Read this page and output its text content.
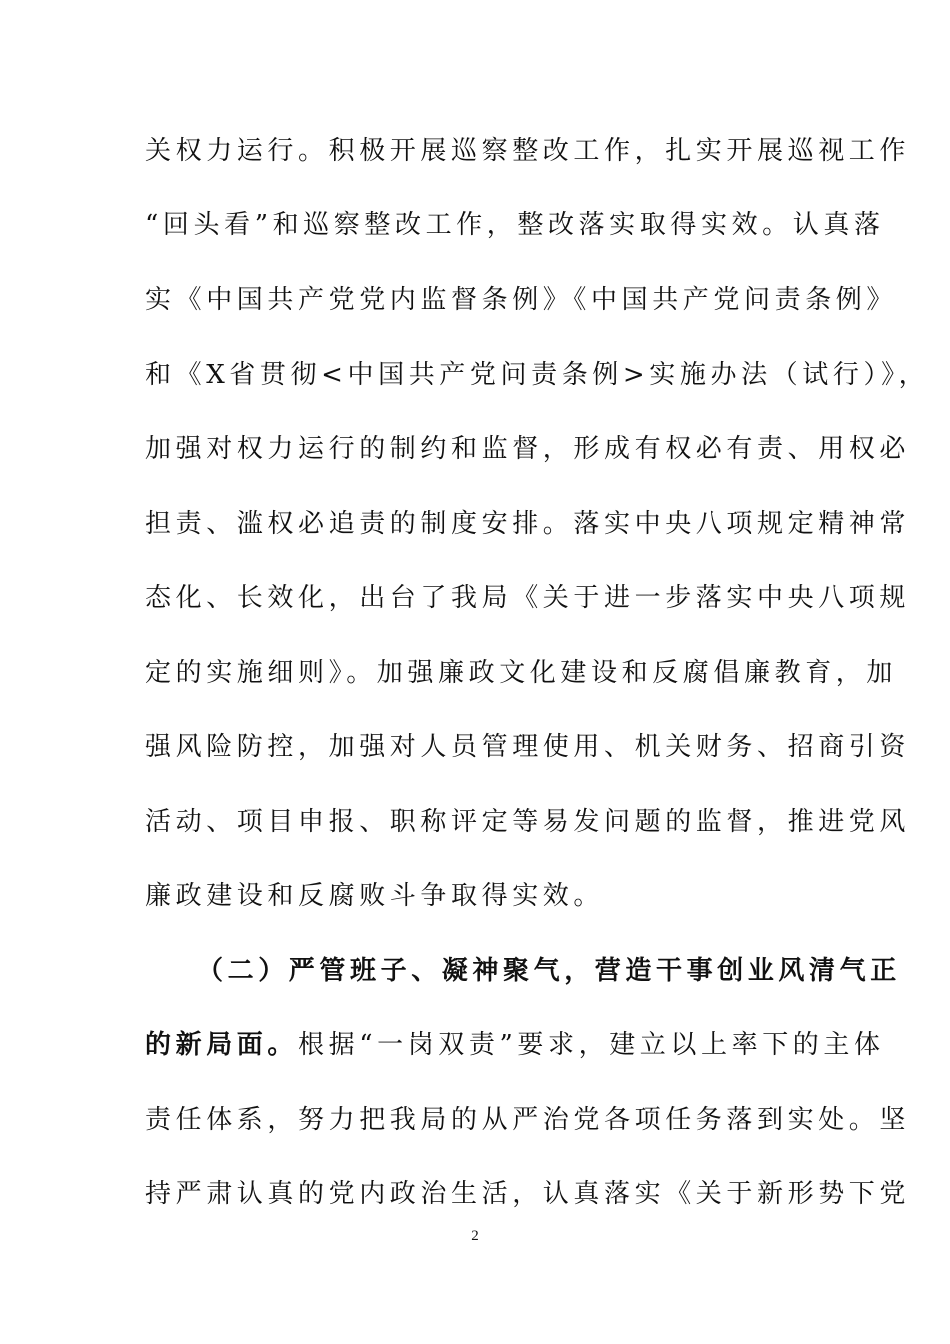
关权力运行。积极开展巡察整改工作，扎实开展巡视工作
“回头看”和巡察整改工作，整改落实取得实效。认真落
实《中国共产党党内监督条例》《中国共产党问责条例》
和《X省贯彻<中国共产党问责条例>实施办法（试行）》，
加强对权力运行的制约和监督，形成有权必有责、用权必
担责、滥权必追责的制度安排。落实中央八项规定精神常
态化、长效化，出台了我局《关于进一步落实中央八项规
定的实施细则》。加强廉政文化建设和反腐倡廉教育，加
强风险防控，加强对人员管理使用、机关财务、招商引资
活动、项目申报、职称评定等易发问题的监督，推进党风
廉政建设和反腐败斗争取得实效。
（二）严管班子、凝神聚气，营造干事创业风清气正
的新局面。根据“一岗双责”要求，建立以上率下的主体
责任体系，努力把我局的从严治党各项任务落到实处。坚
持严肃认真的党内政治生活，认真落实《关于新形势下党
2
